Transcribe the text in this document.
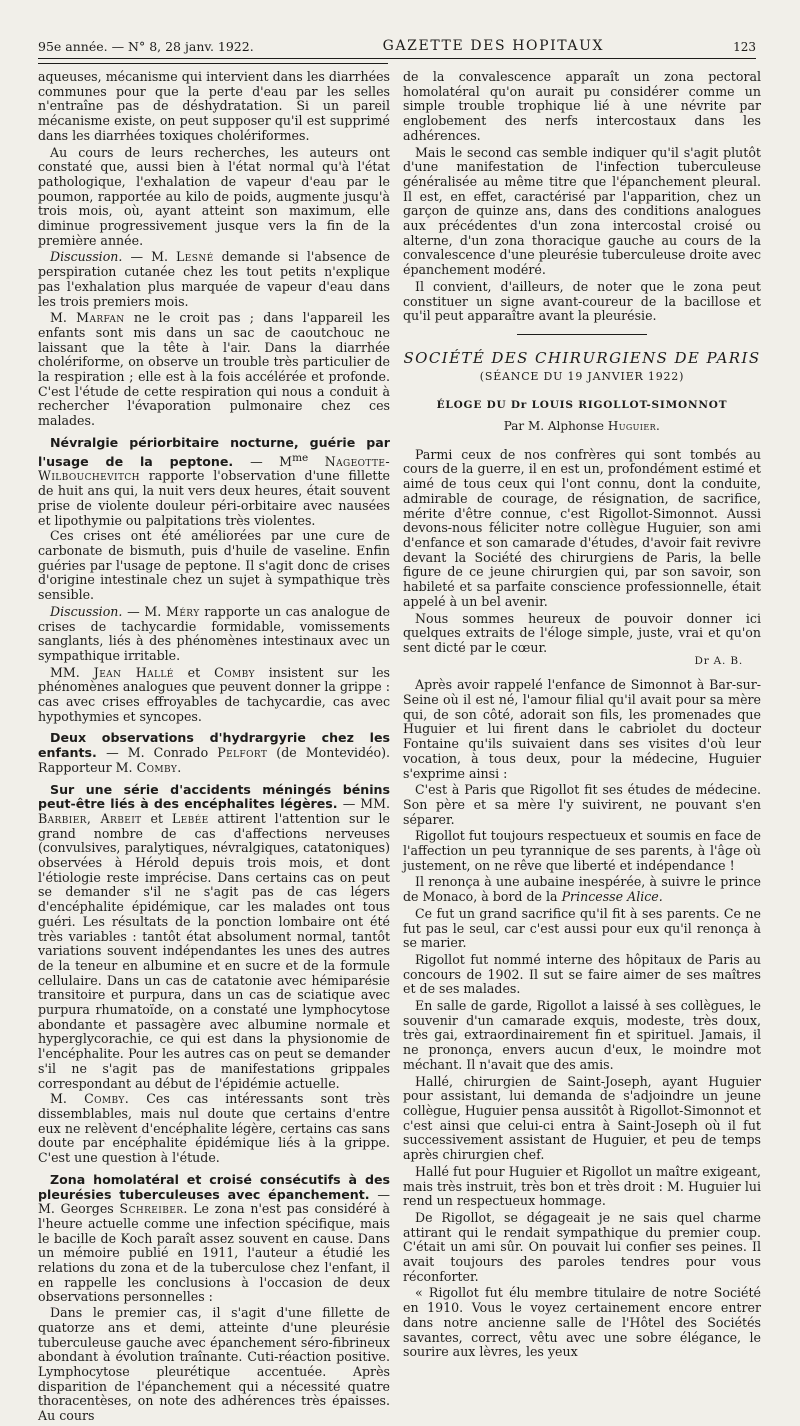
95e année. — N° 8, 28 janv. 1922.	GAZETTE DES HOPITAUX	123

aqueuses, mécanisme qui intervient dans les diarrhées communes pour que la perte d'eau par les selles n'entraîne pas de déshydratation. Si un pareil mécanisme existe, on peut supposer qu'il est supprimé dans les diarrhées toxiques cholériformes.

Au cours de leurs recherches, les auteurs ont constaté que, aussi bien à l'état normal qu'à l'état pathologique, l'exhalation de vapeur d'eau par le poumon, rapportée au kilo de poids, augmente jusqu'à trois mois, où, ayant atteint son maximum, elle diminue progressivement jusque vers la fin de la première année.

Discussion. — M. Lesné demande si l'absence de perspiration cutanée chez les tout petits n'explique pas l'exhalation plus marquée de vapeur d'eau dans les trois premiers mois.

M. Marfan ne le croit pas ; dans l'appareil les enfants sont mis dans un sac de caoutchouc ne laissant que la tête à l'air. Dans la diarrhée cholériforme, on observe un trouble très particulier de la respiration ; elle est à la fois accélérée et profonde. C'est l'étude de cette respiration qui nous a conduit à rechercher l'évaporation pulmonaire chez ces malades.

Névralgie périorbitaire nocturne, guérie par l'usage de la peptone. — $M^{me}$ Nageotte-Wilbouchevitch rapporte l'observation d'une fillette de huit ans qui, la nuit vers deux heures, était souvent prise de violente douleur péri-orbitaire avec nausées et lipothymie ou palpitations très violentes.

Ces crises ont été améliorées par une cure de carbonate de bismuth, puis d'huile de vaseline. Enfin guéries par l'usage de peptone. Il s'agit donc de crises d'origine intestinale chez un sujet à sympathique très sensible.

Discussion. — M. Méry rapporte un cas analogue de crises de tachycardie formidable, vomissements sanglants, liés à des phénomènes intestinaux avec un sympathique irritable.

MM. Jean Hallé et Comby insistent sur les phénomènes analogues que peuvent donner la grippe : cas avec crises effroyables de tachycardie, cas avec hypothymies et syncopes.

Deux observations d'hydrargyrie chez les enfants. — M. Conrado Pelfort (de Montevidéo). Rapporteur M. Comby.
Sur une série d'accidents méningés bénins peut-être liés à des encéphalites légères. — MM. Barbier, Arbeit et Lebée attirent l'attention sur le grand nombre de cas d'affections nerveuses (convulsives, paralytiques, névralgiques, catatoniques) observées à Hérold depuis trois mois, et dont l'étiologie reste imprécise. Dans certains cas on peut se demander s'il ne s'agit pas de cas légers d'encéphalite épidémique, car les malades ont tous guéri. Les résultats de la ponction lombaire ont été très variables : tantôt état absolument normal, tantôt variations souvent indépendantes les unes des autres de la teneur en albumine et en sucre et de la formule cellulaire. Dans un cas de catatonie avec hémiparésie transitoire et purpura, dans un cas de sciatique avec purpura rhumatoïde, on a constaté une lymphocytose abondante et passagère avec albumine normale et hyperglycorachie, ce qui est dans la physionomie de l'encéphalite. Pour les autres cas on peut se demander s'il ne s'agit pas de manifestations grippales correspondant au début de l'épidémie actuelle.

M. Comby. Ces cas intéressants sont très dissemblables, mais nul doute que certains d'entre eux ne relèvent d'encéphalite légère, certains cas sans doute par encéphalite épidémique liés à la grippe. C'est une question à l'étude.

Zona homolatéral et croisé consécutifs à des pleurésies tuberculeuses avec épanchement. — M. Georges Schreiber. Le zona n'est pas considéré à l'heure actuelle comme une infection spécifique, mais le bacille de Koch paraît assez souvent en cause. Dans un mémoire publié en 1911, l'auteur a étudié les relations du zona et de la tuberculose chez l'enfant, il en rappelle les conclusions à l'occasion de deux observations personnelles :

Dans le premier cas, il s'agit d'une fillette de quatorze ans et demi, atteinte d'une pleurésie tuberculeuse gauche avec épanchement séro-fibrineux abondant à évolution traînante. Cuti-réaction positive. Lymphocytose pleurétique accentuée. Après disparition de l'épanchement qui a nécessité quatre thoracentèses, on note des adhérences très épaisses. Au cours

de la convalescence apparaît un zona pectoral homolatéral qu'on aurait pu considérer comme un simple trouble trophique lié à une névrite par englobement des nerfs intercostaux dans les adhérences.

Mais le second cas semble indiquer qu'il s'agit plutôt d'une manifestation de l'infection tuberculeuse généralisée au même titre que l'épanchement pleural. Il est, en effet, caractérisé par l'apparition, chez un garçon de quinze ans, dans des conditions analogues aux précédentes d'un zona intercostal croisé ou alterne, d'un zona thoracique gauche au cours de la convalescence d'une pleurésie tuberculeuse droite avec épanchement modéré.

Il convient, d'ailleurs, de noter que le zona peut constituer un signe avant-coureur de la bacillose et qu'il peut apparaître avant la pleurésie.

SOCIÉTÉ DES CHIRURGIENS DE PARIS
(SÉANCE DU 19 JANVIER 1922)
ÉLOGE DU Dr LOUIS RIGOLLOT-SIMONNOT
Par M. Alphonse Huguier.

Parmi ceux de nos confrères qui sont tombés au cours de la guerre, il en est un, profondément estimé et aimé de tous ceux qui l'ont connu, dont la conduite, admirable de courage, de résignation, de sacrifice, mérite d'être connue, c'est Rigollot-Simonnot. Aussi devons-nous féliciter notre collègue Huguier, son ami d'enfance et son camarade d'études, d'avoir fait revivre devant la Société des chirurgiens de Paris, la belle figure de ce jeune chirurgien qui, par son savoir, son habileté et sa parfaite conscience professionnelle, était appelé à un bel avenir.

Nous sommes heureux de pouvoir donner ici quelques extraits de l'éloge simple, juste, vrai et qu'on sent dicté par le cœur.

Dr A. B.

Après avoir rappelé l'enfance de Simonnot à Bar-sur-Seine où il est né, l'amour filial qu'il avait pour sa mère qui, de son côté, adorait son fils, les promenades que Huguier et lui firent dans le cabriolet du docteur Fontaine qu'ils suivaient dans ses visites d'où leur vocation, à tous deux, pour la médecine, Huguier s'exprime ainsi :

C'est à Paris que Rigollot fit ses études de médecine. Son père et sa mère l'y suivirent, ne pouvant s'en séparer.

Rigollot fut toujours respectueux et soumis en face de l'affection un peu tyrannique de ses parents, à l'âge où justement, on ne rêve que liberté et indépendance !

Il renonça à une aubaine inespérée, à suivre le prince de Monaco, à bord de la Princesse Alice.

Ce fut un grand sacrifice qu'il fit à ses parents. Ce ne fut pas le seul, car c'est aussi pour eux qu'il renonça à se marier.

Rigollot fut nommé interne des hôpitaux de Paris au concours de 1902. Il sut se faire aimer de ses maîtres et de ses malades.

En salle de garde, Rigollot a laissé à ses collègues, le souvenir d'un camarade exquis, modeste, très doux, très gai, extraordinairement fin et spirituel. Jamais, il ne prononça, envers aucun d'eux, le moindre mot méchant. Il n'avait que des amis.

Hallé, chirurgien de Saint-Joseph, ayant Huguier pour assistant, lui demanda de s'adjoindre un jeune collègue, Huguier pensa aussitôt à Rigollot-Simonnot et c'est ainsi que celui-ci entra à Saint-Joseph où il fut successivement assistant de Huguier, et peu de temps après chirurgien chef.

Hallé fut pour Huguier et Rigollot un maître exigeant, mais très instruit, très bon et très droit : M. Huguier lui rend un respectueux hommage.

De Rigollot, se dégageait je ne sais quel charme attirant qui le rendait sympathique du premier coup. C'était un ami sûr. On pouvait lui confier ses peines. Il avait toujours des paroles tendres pour vous réconforter.

« Rigollot fut élu membre titulaire de notre Société en 1910. Vous le voyez certainement encore entrer dans notre ancienne salle de l'Hôtel des Sociétés savantes, correct, vêtu avec une sobre élégance, le sourire aux lèvres, les yeux
